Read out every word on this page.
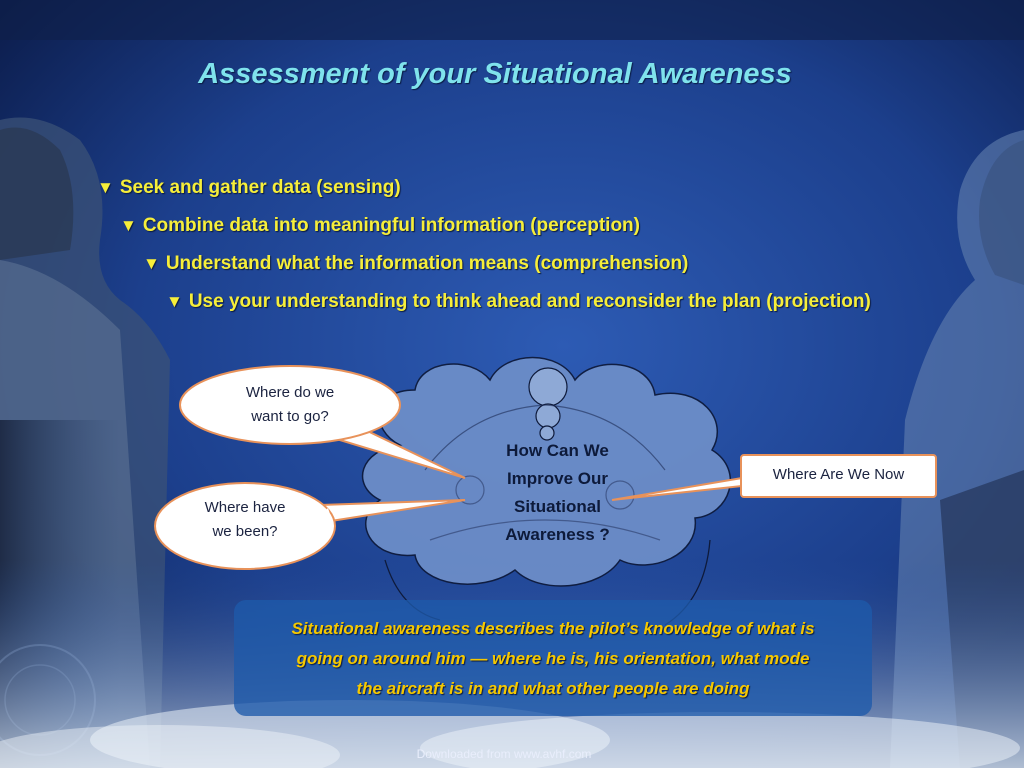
Assessment of your Situational Awareness
▼ Seek and gather data (sensing)
▼ Combine data into meaningful information (perception)
▼ Understand what the information means (comprehension)
▼ Use your understanding to think ahead and reconsider the plan (projection)
Where do we
want to go?
Where have
we been?
Where Are We Now
How Can We
Improve Our
Situational
Awareness ?

Situational awareness describes the pilot’s knowledge of what is

going on around him — where he is, his orientation, what mode

the aircraft is in and what other people are doing

Downloaded from www.avhf.com
